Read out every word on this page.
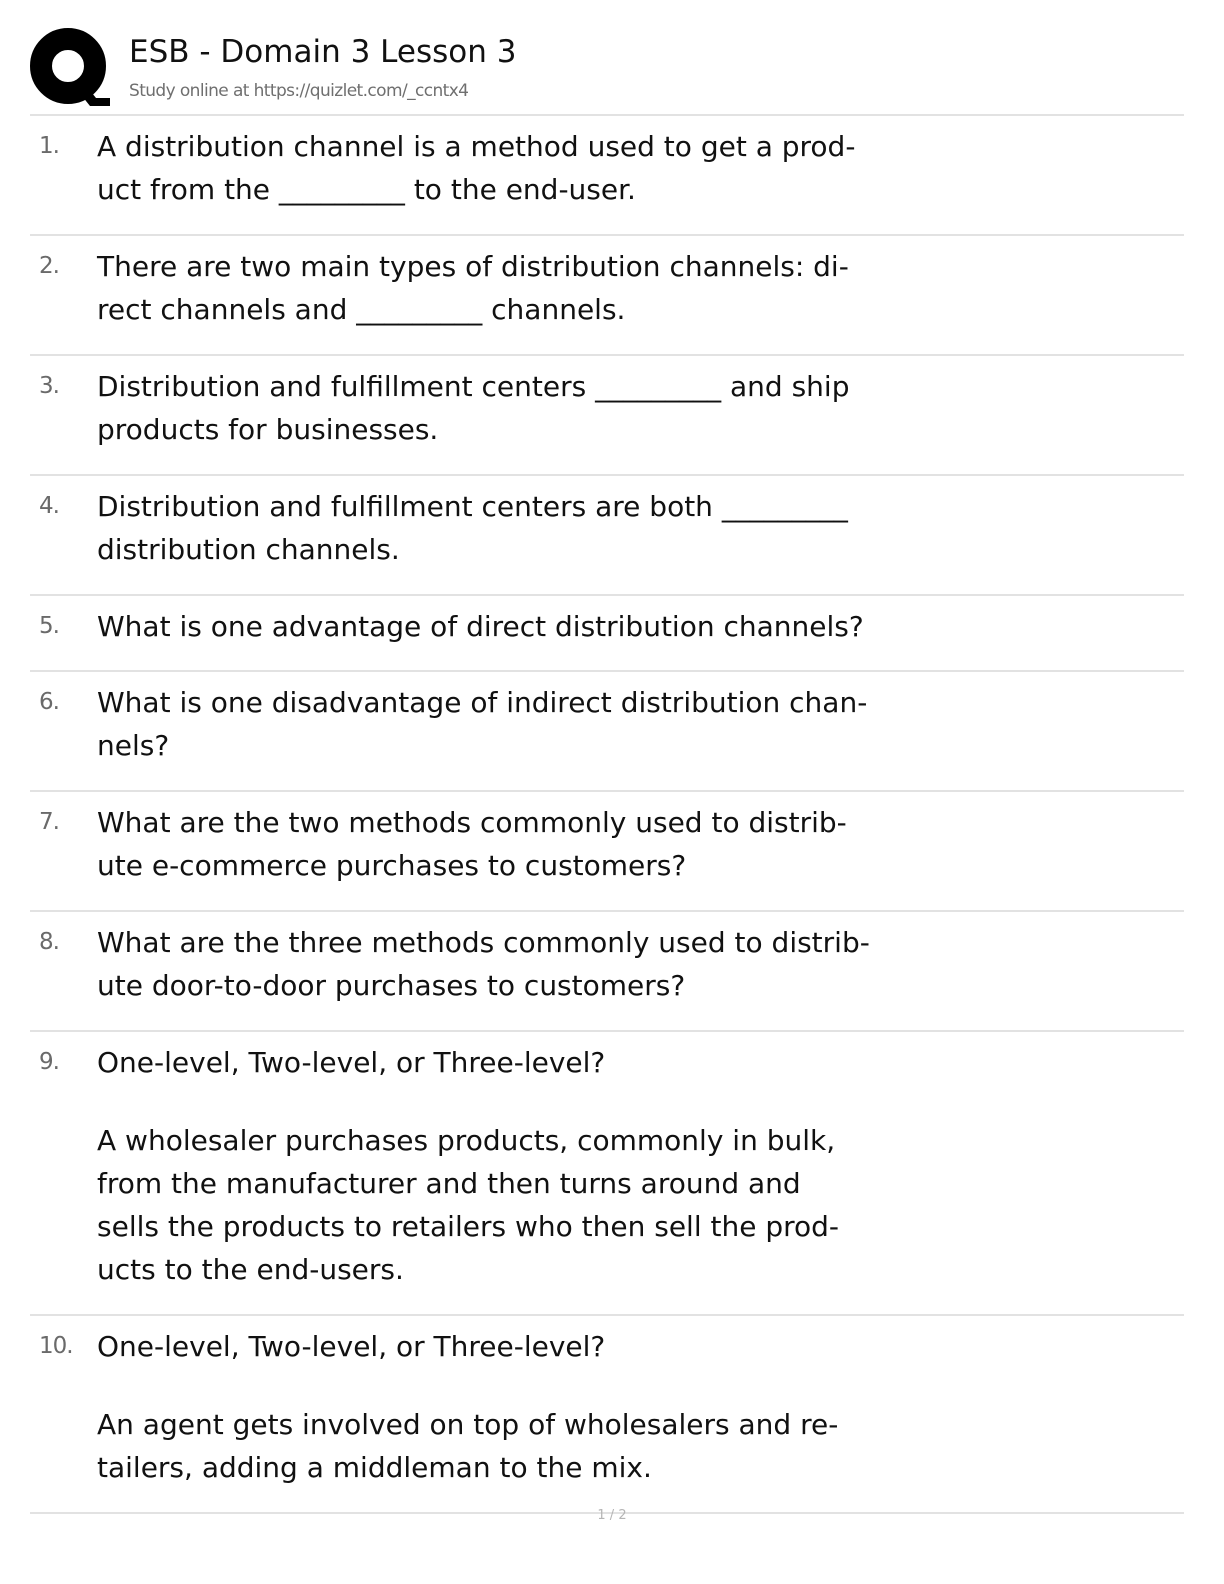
ESB - Domain 3 Lesson 3
Study online at https://quizlet.com/_ccntx4
1. A distribution channel is a method used to get a prod-
uct from the _________ to the end-user.
2. There are two main types of distribution channels: di-
rect channels and _________ channels.
3. Distribution and fulfillment centers _________ and ship
products for businesses.
4. Distribution and fulfillment centers are both _________
distribution channels.
5. What is one advantage of direct distribution channels?
6. What is one disadvantage of indirect distribution chan-
nels?
7. What are the two methods commonly used to distrib-
ute e-commerce purchases to customers?
8. What are the three methods commonly used to distrib-
ute door-to-door purchases to customers?
9. One-level, Two-level, or Three-level?
A wholesaler purchases products, commonly in bulk,
from the manufacturer and then turns around and
sells the products to retailers who then sell the prod-
ucts to the end-users.
10. One-level, Two-level, or Three-level?
An agent gets involved on top of wholesalers and re-
tailers, adding a middleman to the mix.
1 / 2
